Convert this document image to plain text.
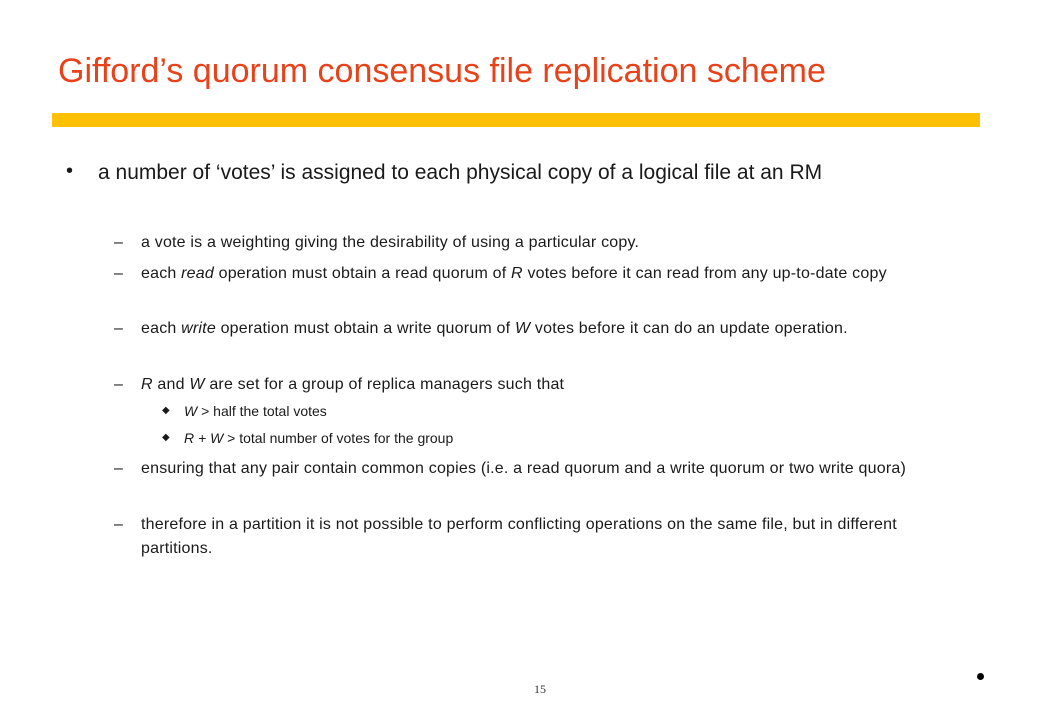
Gifford’s quorum consensus file replication scheme
• a number of ‘votes’ is assigned to each physical copy of a logical file at an RM
– a vote is a weighting giving the desirability of using a particular copy.
– each read operation must obtain a read quorum of R votes before it can read from any up-to-date copy
– each write operation must obtain a write quorum of W votes before it can do an update operation.
– R and W are set for a group of replica managers such that
◆ W > half the total votes
◆ R + W > total number of votes for the group
– ensuring that any pair contain common copies (i.e. a read quorum and a write quorum or two write quora)
– therefore in a partition it is not possible to perform conflicting operations on the same file, but in different partitions.
15
